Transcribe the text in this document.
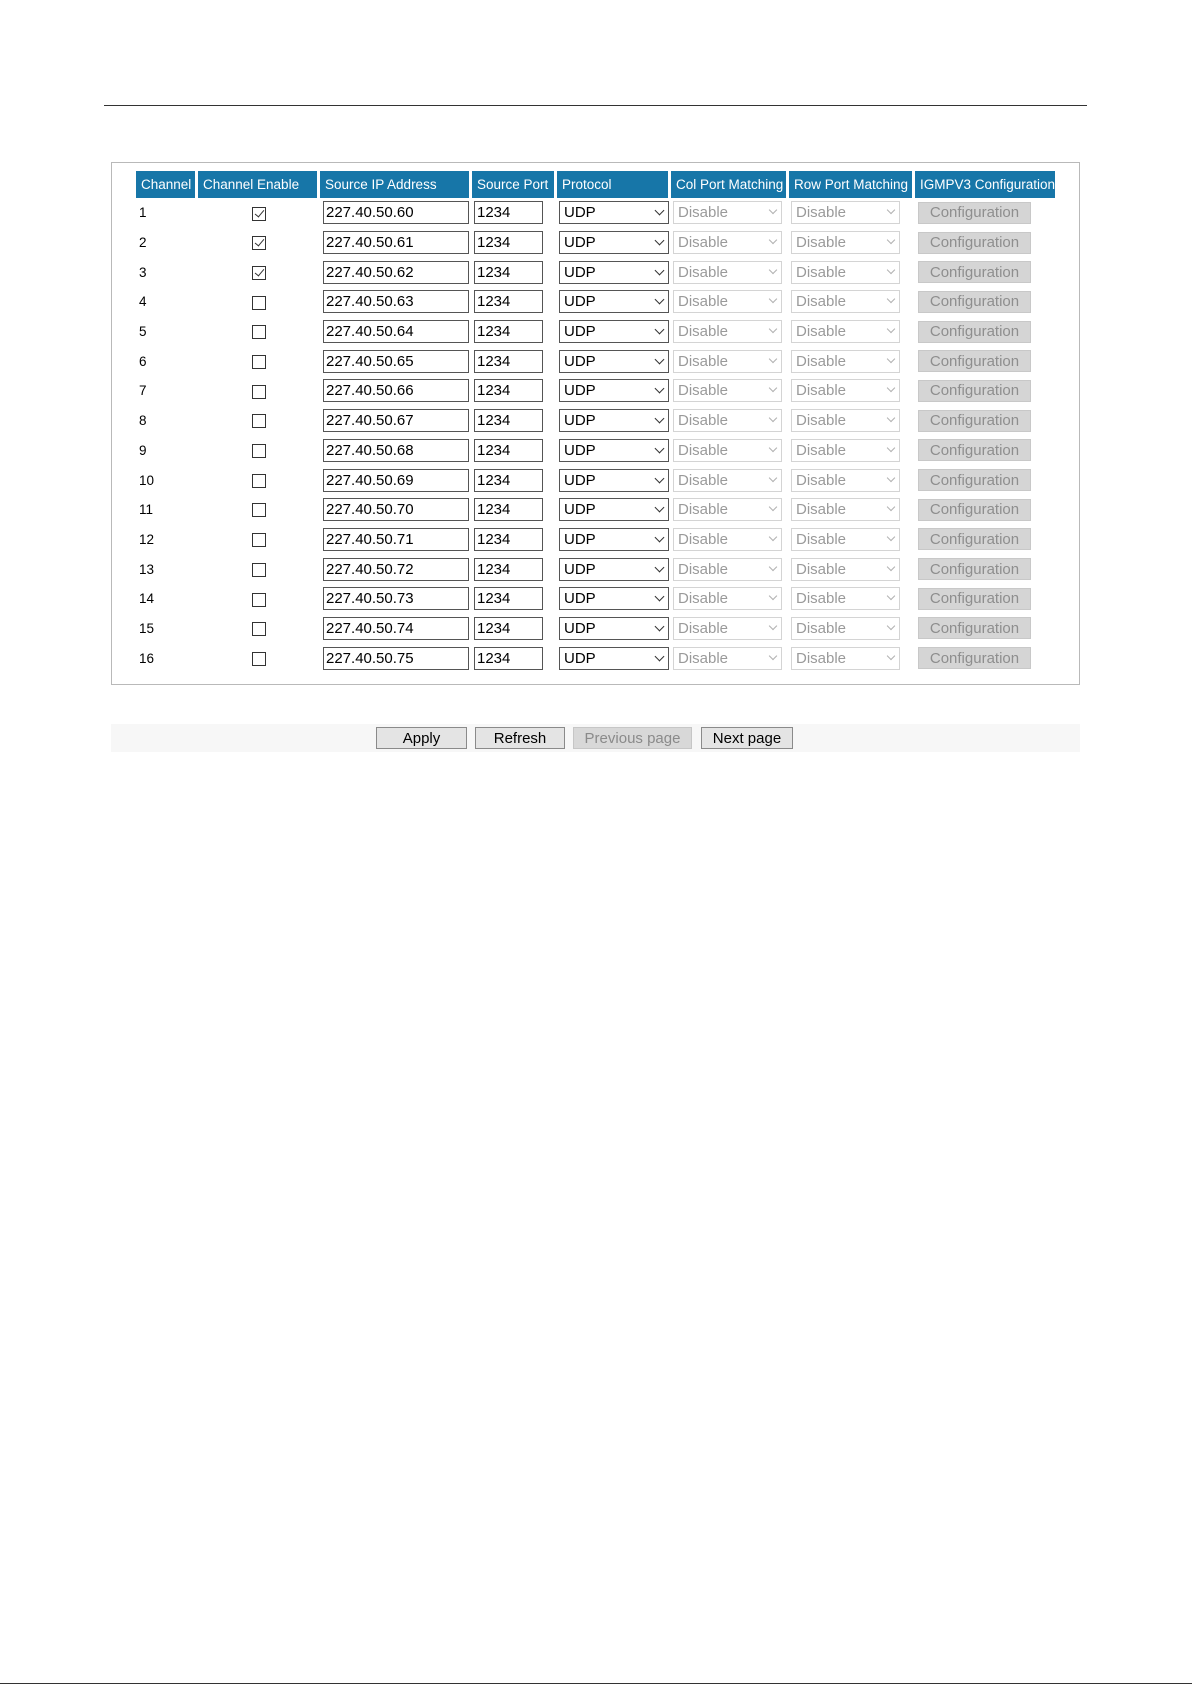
Channel	Channel Enable	Source IP Address	Source Port	Protocol	Col Port Matching	Row Port Matching	IGMPV3 Configuration
1		227.40.50.60	1234	UDP	Disable	Disable	Configuration
2		227.40.50.61	1234	UDP	Disable	Disable	Configuration
3		227.40.50.62	1234	UDP	Disable	Disable	Configuration
4		227.40.50.63	1234	UDP	Disable	Disable	Configuration
5		227.40.50.64	1234	UDP	Disable	Disable	Configuration
6		227.40.50.65	1234	UDP	Disable	Disable	Configuration
7		227.40.50.66	1234	UDP	Disable	Disable	Configuration
8		227.40.50.67	1234	UDP	Disable	Disable	Configuration
9		227.40.50.68	1234	UDP	Disable	Disable	Configuration
10		227.40.50.69	1234	UDP	Disable	Disable	Configuration
11		227.40.50.70	1234	UDP	Disable	Disable	Configuration
12		227.40.50.71	1234	UDP	Disable	Disable	Configuration
13		227.40.50.72	1234	UDP	Disable	Disable	Configuration
14		227.40.50.73	1234	UDP	Disable	Disable	Configuration
15		227.40.50.74	1234	UDP	Disable	Disable	Configuration
16		227.40.50.75	1234	UDP	Disable	Disable	Configuration
Apply	Refresh	Previous page	Next page
